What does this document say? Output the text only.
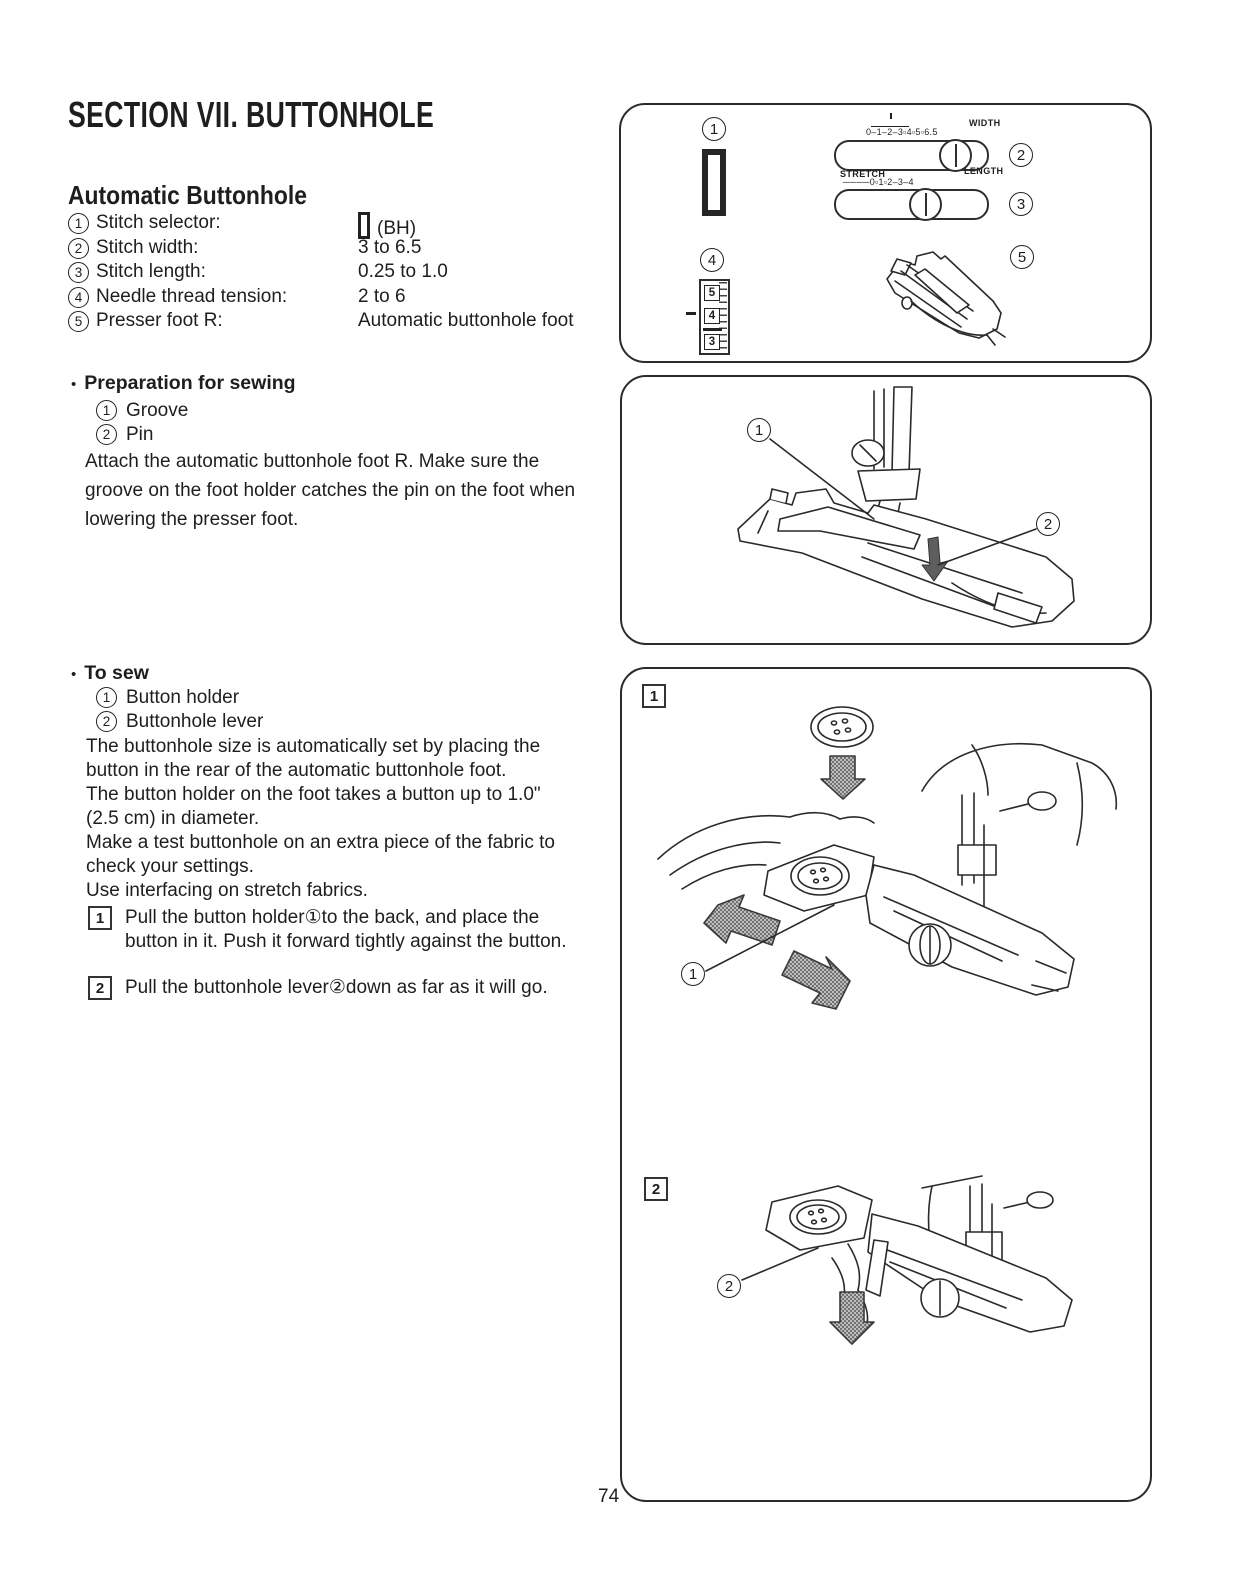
SECTION VII. BUTTONHOLE
Automatic Buttonhole
1 Stitch selector:	(BH)
2 Stitch width:	3 to 6.5
3 Stitch length:	0.25 to 1.0
4 Needle thread tension:	2 to 6
5 Presser foot R:	Automatic buttonhole foot
• Preparation for sewing
1 Groove
2 Pin
Attach the automatic buttonhole foot R. Make sure the
groove on the foot holder catches the pin on the foot when
lowering the presser foot.
• To sew
1 Button holder
2 Buttonhole lever
The buttonhole size is automatically set by placing the
button in the rear of the automatic buttonhole foot.
The button holder on the foot takes a button up to 1.0"
(2.5 cm) in diameter.
Make a test buttonhole on an extra piece of the fabric to
check your settings.
Use interfacing on stretch fabrics.
1	Pull the button holder①to the back, and place the
button in it. Push it forward tightly against the button.
2	Pull the buttonhole lever②down as far as it will go.
1	0–1–2–3▫4▫5▫6.5
WIDTH
2
STRETCH	LENGTH
────0▫1▫2–3–4
3
4
5
4
3
5
1
2
1
1
2
2
74
